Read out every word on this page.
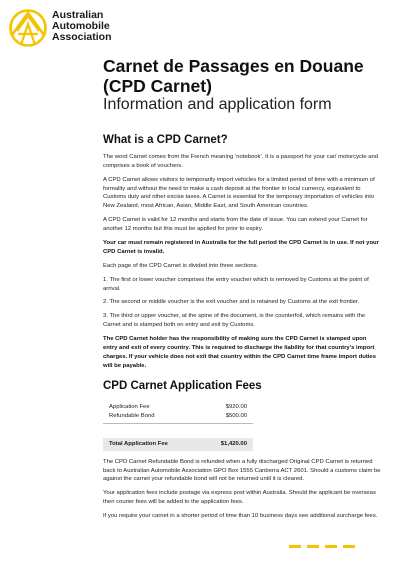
Australian
Automobile
Association
Carnet de Passages en Douane
(CPD Carnet)
Information and application form
What is a CPD Carnet?

The word Carnet comes from the French meaning ‘notebook’. It is a passport for your car/ motorcycle and comprises a book of vouchers.

A CPD Carnet allows visitors to temporarily import vehicles for a limited period of time with a minimum of formality and without the need to make a cash deposit at the frontier in local currency, equivalent to Customs duty and other excise taxes. A Carnet is essential for the temporary importation of vehicles into New Zealand, most African, Asian, Middle East, and South American countries.

A CPD Carnet is valid for 12 months and starts from the date of issue. You can extend your Carnet for another 12 months but this must be applied for prior to expiry.

Your car must remain registered in Australia for the full period the CPD Carnet is in use. If not your CPD Carnet is invalid.

Each page of the CPD Carnet is divided into three sections.

1. The first or lower voucher comprises the entry voucher which is removed by Customs at the point of arrival.

2. The second or middle voucher is the exit voucher and is retained by Customs at the exit frontier.

3. The third or upper voucher, at the spine of the document, is the counterfoil, which remains with the Carnet and is stamped both on entry and exit by Customs.

The CPD Carnet holder has the responsibility of making sure the CPD Carnet is stamped upon entry and exit of every country. This is required to discharge the liability for that country’s import charges. If your vehicle does not exit that country within the CPD Carnet time frame import duties will be payable.

CPD Carnet Application Fees
Application Fee	$920.00
Refundable Bond	$500.00
Total Application Fee	$1,420.00

The CPD Carnet Refundable Bond is refunded when a fully discharged Original CPD Carnet is returned back to Australian Automobile Association GPO Box 1555 Canberra ACT 2601. Should a customs claim be against the carnet your refundable bond will not be returned until it is cleared.

Your application fees include postage via express post within Australia. Should the applicant be overseas then courier fees will be added to the application fees.

If you require your carnet in a shorter period of time than 10 business days see additional surcharge fees.
